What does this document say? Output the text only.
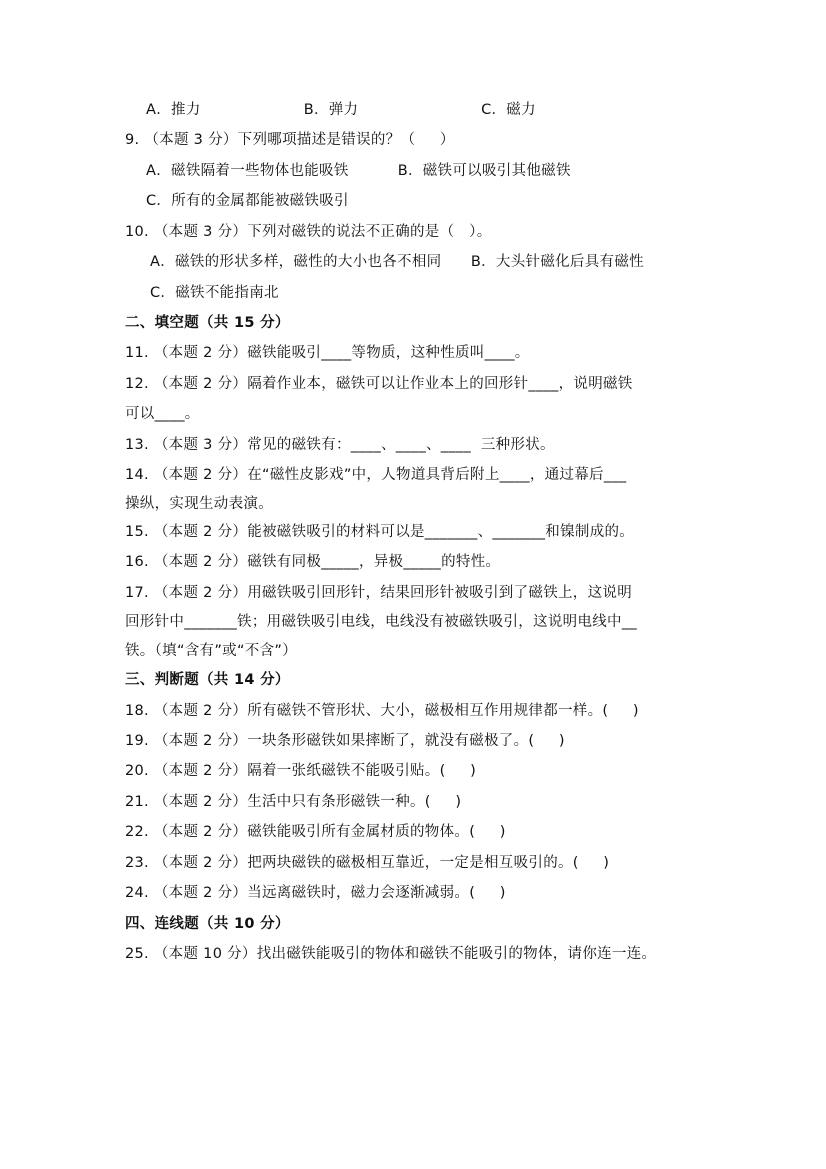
A．推力                     B．弹力                         C．磁力
9. （本题 3 分）下列哪项描述是错误的？（     ）
A．磁铁隔着一些物体也能吸铁          B．磁铁可以吸引其他磁铁
C．所有的金属都能被磁铁吸引
10. （本题 3 分）下列对磁铁的说法不正确的是（   ）。
A．磁铁的形状多样，磁性的大小也各不相同      B．大头针磁化后具有磁性
C．磁铁不能指南北
二、填空题（共 15 分）
11. （本题 2 分）磁铁能吸引____等物质，这种性质叫____。
12. （本题 2 分）隔着作业本，磁铁可以让作业本上的回形针____，说明磁铁
可以____。
13. （本题 3 分）常见的磁铁有：____、____、____  三种形状。
14. （本题 2 分）在“磁性皮影戏”中，人物道具背后附上____，通过幕后___
操纵，实现生动表演。
15. （本题 2 分）能被磁铁吸引的材料可以是_______、_______和镍制成的。
16. （本题 2 分）磁铁有同极_____，异极_____的特性。
17. （本题 2 分）用磁铁吸引回形针，结果回形针被吸引到了磁铁上，这说明
回形针中_______铁；用磁铁吸引电线，电线没有被磁铁吸引，这说明电线中__
铁。（填“含有”或“不含”）
三、判断题（共 14 分）
18. （本题 2 分）所有磁铁不管形状、大小，磁极相互作用规律都一样。(     )
19. （本题 2 分）一块条形磁铁如果摔断了，就没有磁极了。(     )
20. （本题 2 分）隔着一张纸磁铁不能吸引贴。(     )
21. （本题 2 分）生活中只有条形磁铁一种。(     )
22. （本题 2 分）磁铁能吸引所有金属材质的物体。(     )
23. （本题 2 分）把两块磁铁的磁极相互靠近，一定是相互吸引的。(     )
24. （本题 2 分）当远离磁铁时，磁力会逐渐减弱。(     )
四、连线题（共 10 分）
25. （本题 10 分）找出磁铁能吸引的物体和磁铁不能吸引的物体，请你连一连。
